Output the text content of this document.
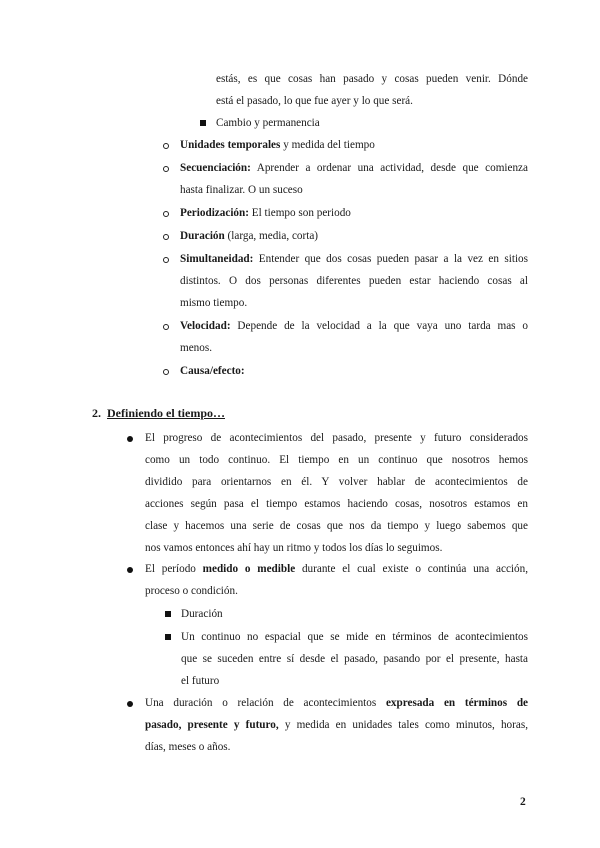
estás, es que cosas han pasado y cosas pueden venir. Dónde
está el pasado, lo que fue ayer y lo que será.
Cambio y permanencia
Unidades temporales y medida del tiempo
Secuenciación: Aprender a ordenar una actividad, desde que comienza
hasta finalizar. O un suceso
Periodización: El tiempo son periodo
Duración (larga, media, corta)
Simultaneidad: Entender que dos cosas pueden pasar a la vez en sitios
distintos. O dos personas diferentes pueden estar haciendo cosas al
mismo tiempo.
Velocidad: Depende de la velocidad a la que vaya uno tarda mas o
menos.
Causa/efecto:
2. Definiendo el tiempo…
El progreso de acontecimientos del pasado, presente y futuro considerados
como un todo continuo. El tiempo en un continuo que nosotros hemos
dividido para orientarnos en él. Y volver hablar de acontecimientos de
acciones según pasa el tiempo estamos haciendo cosas, nosotros estamos en
clase y hacemos una serie de cosas que nos da tiempo y luego sabemos que
nos vamos entonces ahí hay un ritmo y todos los días lo seguimos.
El período medido o medible durante el cual existe o continúa una acción,
proceso o condición.
Duración
Un continuo no espacial que se mide en términos de acontecimientos
que se suceden entre sí desde el pasado, pasando por el presente, hasta
el futuro
Una duración o relación de acontecimientos expresada en términos de
pasado, presente y futuro, y medida en unidades tales como minutos, horas,
días, meses o años.
2
